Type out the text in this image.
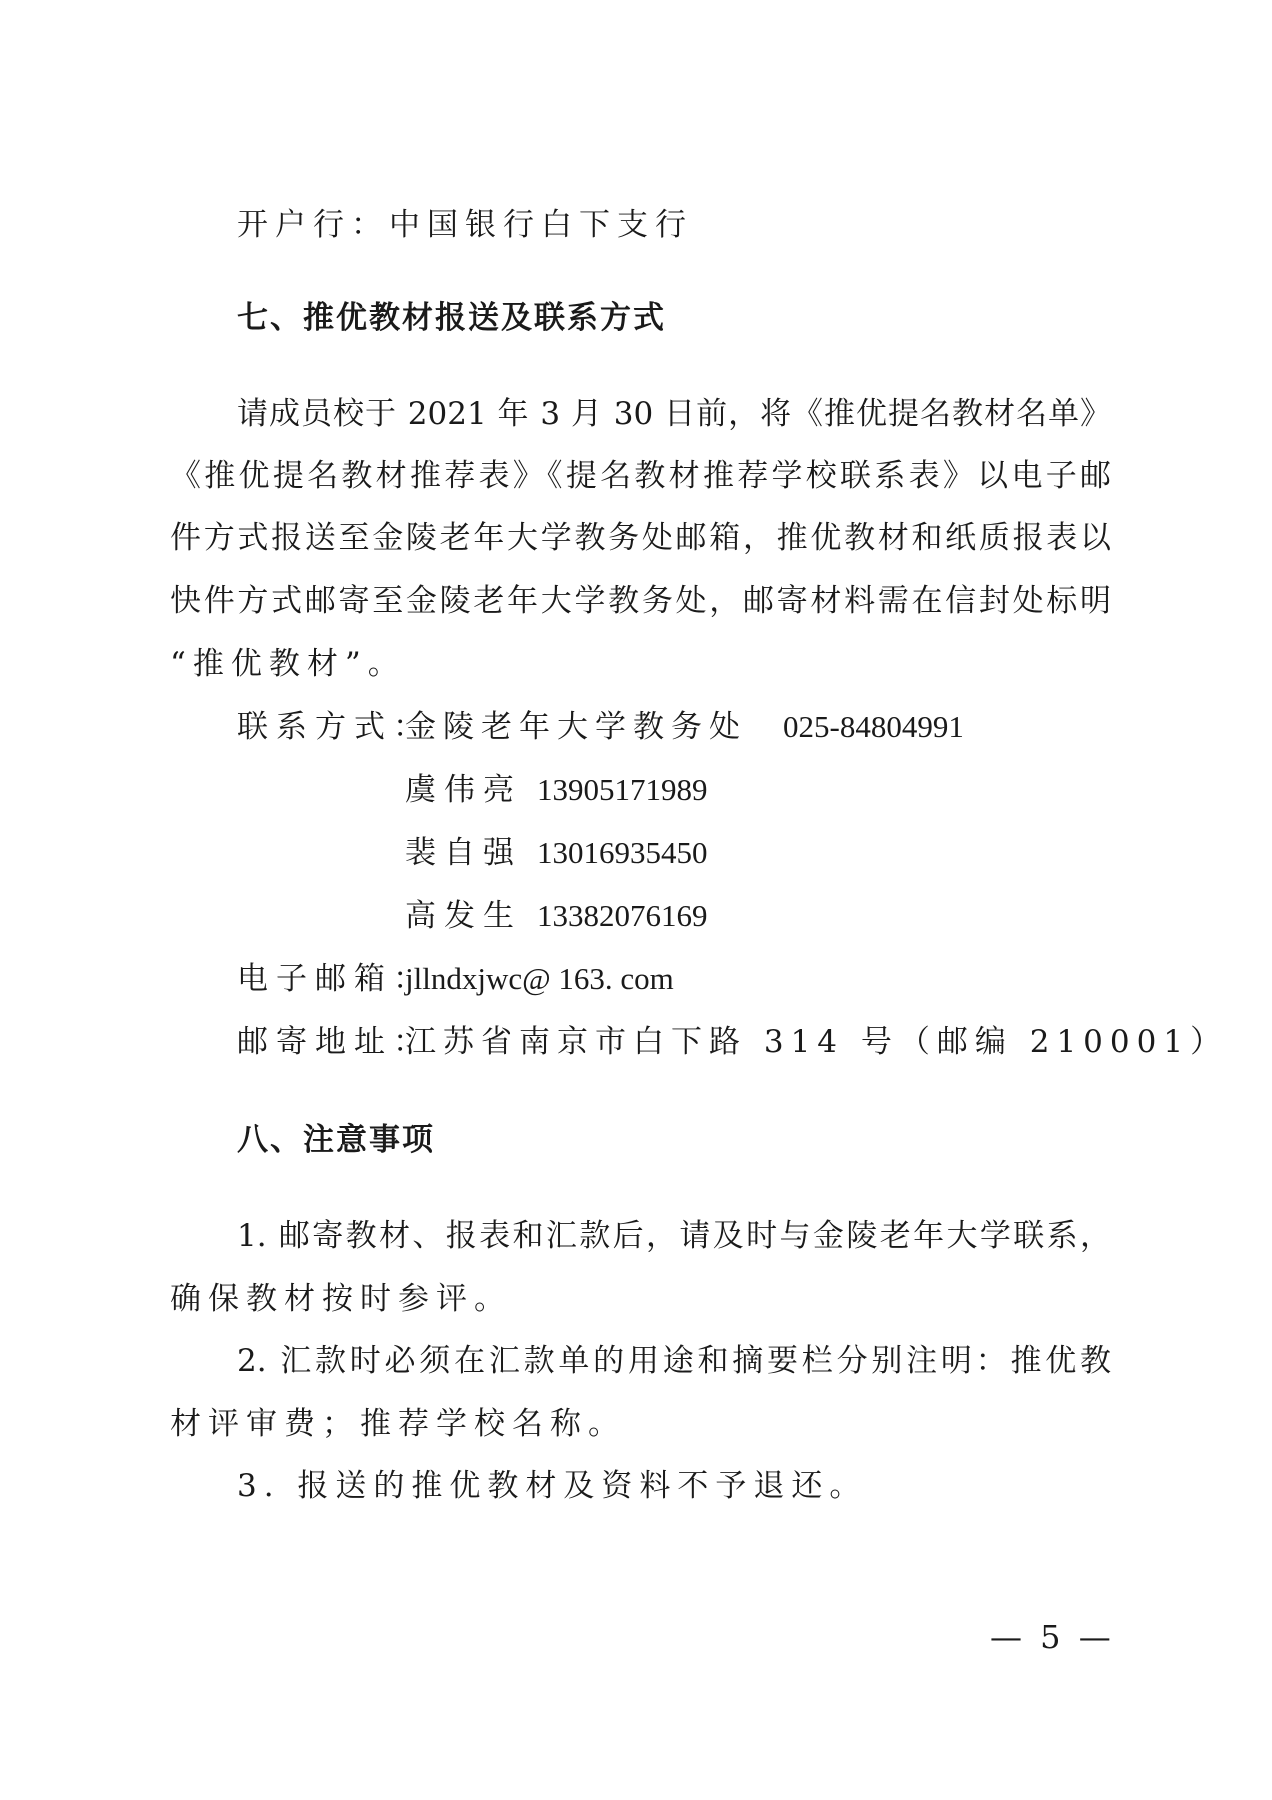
开户行：中国银行白下支行
七、推优教材报送及联系方式
请成员校于 2021 年 3 月 30 日前，将《推优提名教材名单》
《推优提名教材推荐表》《提名教材推荐学校联系表》以电子邮
件方式报送至金陵老年大学教务处邮箱，推优教材和纸质报表以
快件方式邮寄至金陵老年大学教务处，邮寄材料需在信封处标明
“推优教材”。
联系方式：金陵老年大学教务处 025-84804991
虞伟亮 13905171989
裴自强 13016935450
高发生 13382076169
电子邮箱：jllndxjwc@ 163. com
邮寄地址：江苏省南京市白下路 314 号（邮编 210001）
八、注意事项
1. 邮寄教材、报表和汇款后，请及时与金陵老年大学联系，
确保教材按时参评。
2. 汇款时必须在汇款单的用途和摘要栏分别注明：推优教
材评审费；推荐学校名称。
3. 报送的推优教材及资料不予退还。
— 5 —
